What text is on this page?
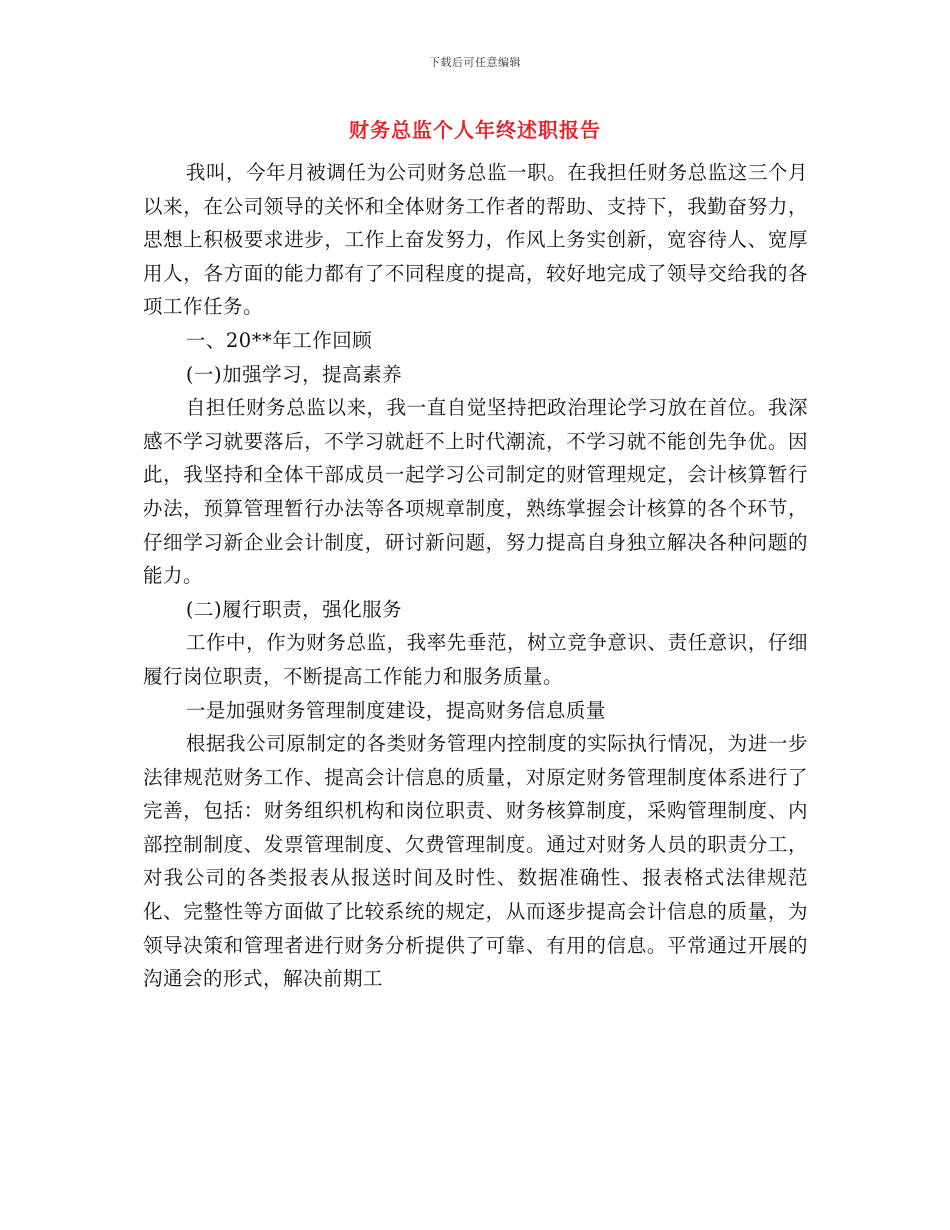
下载后可任意编辑
财务总监个人年终述职报告

我叫，今年月被调任为公司财务总监一职。在我担任财务总监这三个月以来，在公司领导的关怀和全体财务工作者的帮助、支持下，我勤奋努力，思想上积极要求进步，工作上奋发努力，作风上务实创新，宽容待人、宽厚用人，各方面的能力都有了不同程度的提高，较好地完成了领导交给我的各项工作任务。

一、20**年工作回顾

(一)加强学习，提高素养

自担任财务总监以来，我一直自觉坚持把政治理论学习放在首位。我深感不学习就要落后，不学习就赶不上时代潮流，不学习就不能创先争优。因此，我坚持和全体干部成员一起学习公司制定的财管理规定，会计核算暂行办法，预算管理暂行办法等各项规章制度，熟练掌握会计核算的各个环节，仔细学习新企业会计制度，研讨新问题，努力提高自身独立解决各种问题的能力。

(二)履行职责，强化服务

工作中，作为财务总监，我率先垂范，树立竞争意识、责任意识，仔细履行岗位职责，不断提高工作能力和服务质量。

一是加强财务管理制度建设，提高财务信息质量

根据我公司原制定的各类财务管理内控制度的实际执行情况，为进一步法律规范财务工作、提高会计信息的质量，对原定财务管理制度体系进行了完善，包括：财务组织机构和岗位职责、财务核算制度，采购管理制度、内部控制制度、发票管理制度、欠费管理制度。通过对财务人员的职责分工，对我公司的各类报表从报送时间及时性、数据准确性、报表格式法律规范化、完整性等方面做了比较系统的规定，从而逐步提高会计信息的质量，为领导决策和管理者进行财务分析提供了可靠、有用的信息。平常通过开展的沟通会的形式，解决前期工
